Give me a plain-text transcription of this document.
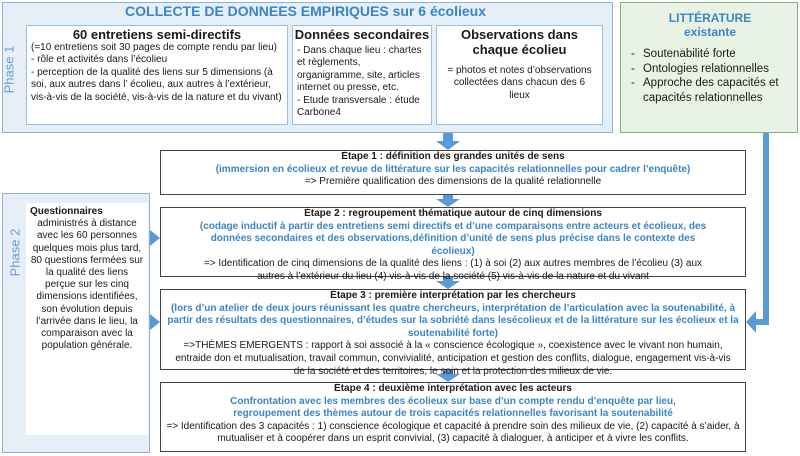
COLLECTE DE DONNEES EMPIRIQUES sur 6 écolieux
Phase 1
60 entretiens semi-directifs
(=10 entretiens soit 30 pages de compte rendu par lieu)
- rôle et activités dans l’écolieu
- perception de la qualité des liens sur 5 dimensions (à soi, aux autres dans l’ écolieu, aux autres à l’extérieur, vis-à-vis de la société, vis-à-vis de la nature et du vivant)
Données secondaires
- Dans chaque lieu : chartes et règlements, organigramme, site, articles internet ou presse, etc.
- Etude transversale : étude Carbone4
Observations dans chaque écolieu
= photos et notes d’observations collectées dans chacun des 6 lieux
LITTÉRATURE
existante
- Soutenabilité forte
- Ontologies relationnelles
- Approche des capacités et capacités relationnelles
Phase 2
Questionnaires
administrés à distance avec les 60 personnes quelques mois plus tard, 80 questions fermées sur la qualité des liens perçue sur les cinq dimensions identifiées, son évolution depuis l’arrivée dans le lieu, la comparaison avec la population générale.
Étape 1 : définition des grandes unités de sens
(immersion en écolieux et revue de littérature sur les capacités relationnelles pour cadrer l’enquête)
=> Première qualification des dimensions de la qualité relationnelle
Étape 2 : regroupement thématique autour de cinq dimensions
(codage inductif à partir des entretiens semi directifs et d’une comparaisons entre acteurs et écolieux, des données secondaires et des observations,définition d’unité de sens plus précise dans le contexte des écolieux)
=> Identification de cinq dimensions de la qualité des liens : (1) à soi (2) aux autres membres de l’écolieu (3) aux autres à l’extérieur du lieu (4) vis-à-vis de la société (5) vis-à-vis de la nature et du vivant
Étape 3 : première interprétation par les chercheurs
(lors d’un atelier de deux jours réunissant les quatre chercheurs, interprétation de l’articulation avec la soutenabilité, à partir des résultats des questionnaires, d’études sur la sobriété dans lesécolieux et de la littérature sur les écolieux et la soutenabilité forte)
=>THÈMES EMERGENTS : rapport à soi associé à la « conscience écologique », coexistence avec le vivant non humain, entraide don et mutualisation, travail commun, convivialité, anticipation et gestion des conflits, dialogue, engagement vis-à-vis de la société et des territoires, le soin et la protection des milieux de vie.
Étape 4 : deuxième interprétation avec les acteurs
Confrontation avec les membres des écolieux sur base d’un compte rendu d’enquête par lieu, regroupement des thèmes autour de trois capacités relationnelles favorisant la soutenabilité
=> Identification des 3 capacités : 1) conscience écologique et capacité à prendre soin des milieux de vie, (2) capacité à s’aider, à mutualiser et à coopérer dans un esprit convivial, (3) capacité à dialoguer, à anticiper et à vivre les conflits.
